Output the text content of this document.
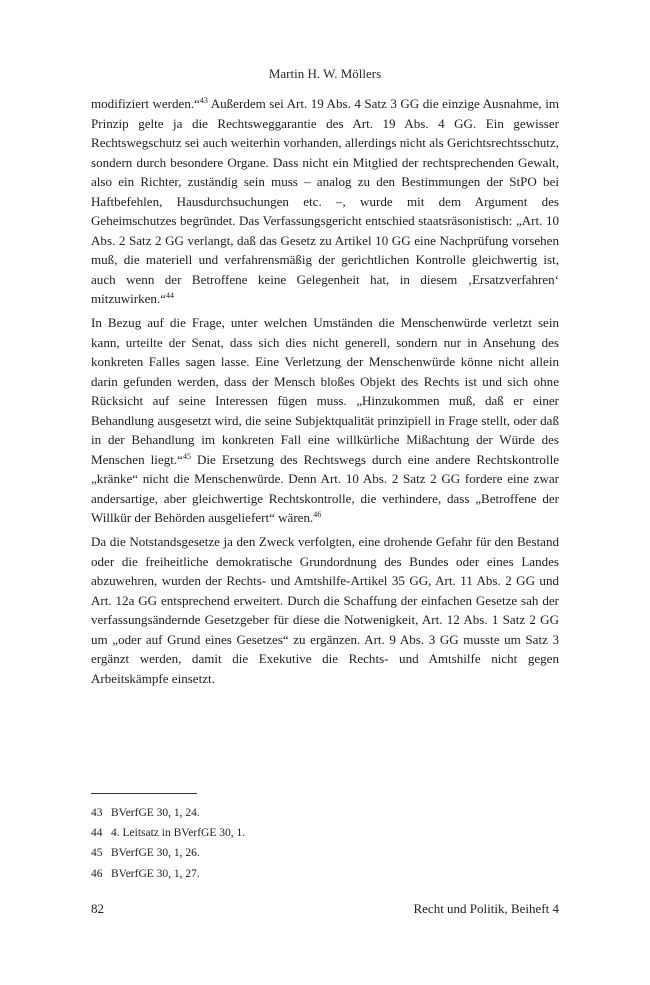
Martin H. W. Möllers

modifiziert werden.“$^{43}$ Außerdem sei Art. 19 Abs. 4 Satz 3 GG die einzige Ausnahme, im Prinzip gelte ja die Rechtsweggarantie des Art. 19 Abs. 4 GG. Ein gewisser Rechtswegschutz sei auch weiterhin vorhanden, allerdings nicht als Gerichtsrechtsschutz, sondern durch besondere Organe. Dass nicht ein Mitglied der rechtsprechenden Gewalt, also ein Richter, zuständig sein muss – analog zu den Bestimmungen der StPO bei Haftbefehlen, Hausdurchsuchungen etc. –, wurde mit dem Argument des Geheimschutzes begründet. Das Verfassungsgericht entschied staatsräsonistisch: „Art. 10 Abs. 2 Satz 2 GG verlangt, daß das Gesetz zu Artikel 10 GG eine Nachprüfung vorsehen muß, die materiell und verfahrensmäßig der gerichtlichen Kontrolle gleichwertig ist, auch wenn der Betroffene keine Gelegenheit hat, in diesem ‚Ersatzverfahren‘ mitzuwirken.“$^{44}$

In Bezug auf die Frage, unter welchen Umständen die Menschenwürde verletzt sein kann, urteilte der Senat, dass sich dies nicht generell, sondern nur in Ansehung des konkreten Falles sagen lasse. Eine Verletzung der Menschenwürde könne nicht allein darin gefunden werden, dass der Mensch bloßes Objekt des Rechts ist und sich ohne Rücksicht auf seine Interessen fügen muss. „Hinzukommen muß, daß er einer Behandlung ausgesetzt wird, die seine Subjektqualität prinzipiell in Frage stellt, oder daß in der Behandlung im konkreten Fall eine willkürliche Mißachtung der Würde des Menschen liegt.“$^{45}$ Die Ersetzung des Rechtswegs durch eine andere Rechtskontrolle „kränke“ nicht die Menschenwürde. Denn Art. 10 Abs. 2 Satz 2 GG fordere eine zwar andersartige, aber gleichwertige Rechtskontrolle, die verhindere, dass „Betroffene der Willkür der Behörden ausgeliefert“ wären.$^{46}$

Da die Notstandsgesetze ja den Zweck verfolgten, eine drohende Gefahr für den Bestand oder die freiheitliche demokratische Grundordnung des Bundes oder eines Landes abzuwehren, wurden der Rechts- und Amtshilfe-Artikel 35 GG, Art. 11 Abs. 2 GG und Art. 12a GG entsprechend erweitert. Durch die Schaffung der einfachen Gesetze sah der verfassungsändernde Gesetzgeber für diese die Notwenigkeit, Art. 12 Abs. 1 Satz 2 GG um „oder auf Grund eines Gesetzes“ zu ergänzen. Art. 9 Abs. 3 GG musste um Satz 3 ergänzt werden, damit die Exekutive die Rechts- und Amtshilfe nicht gegen Arbeitskämpfe einsetzt.

43 BVerfGE 30, 1, 24.
44 4. Leitsatz in BVerfGE 30, 1.
45 BVerfGE 30, 1, 26.
46 BVerfGE 30, 1, 27.
82	Recht und Politik, Beiheft 4
